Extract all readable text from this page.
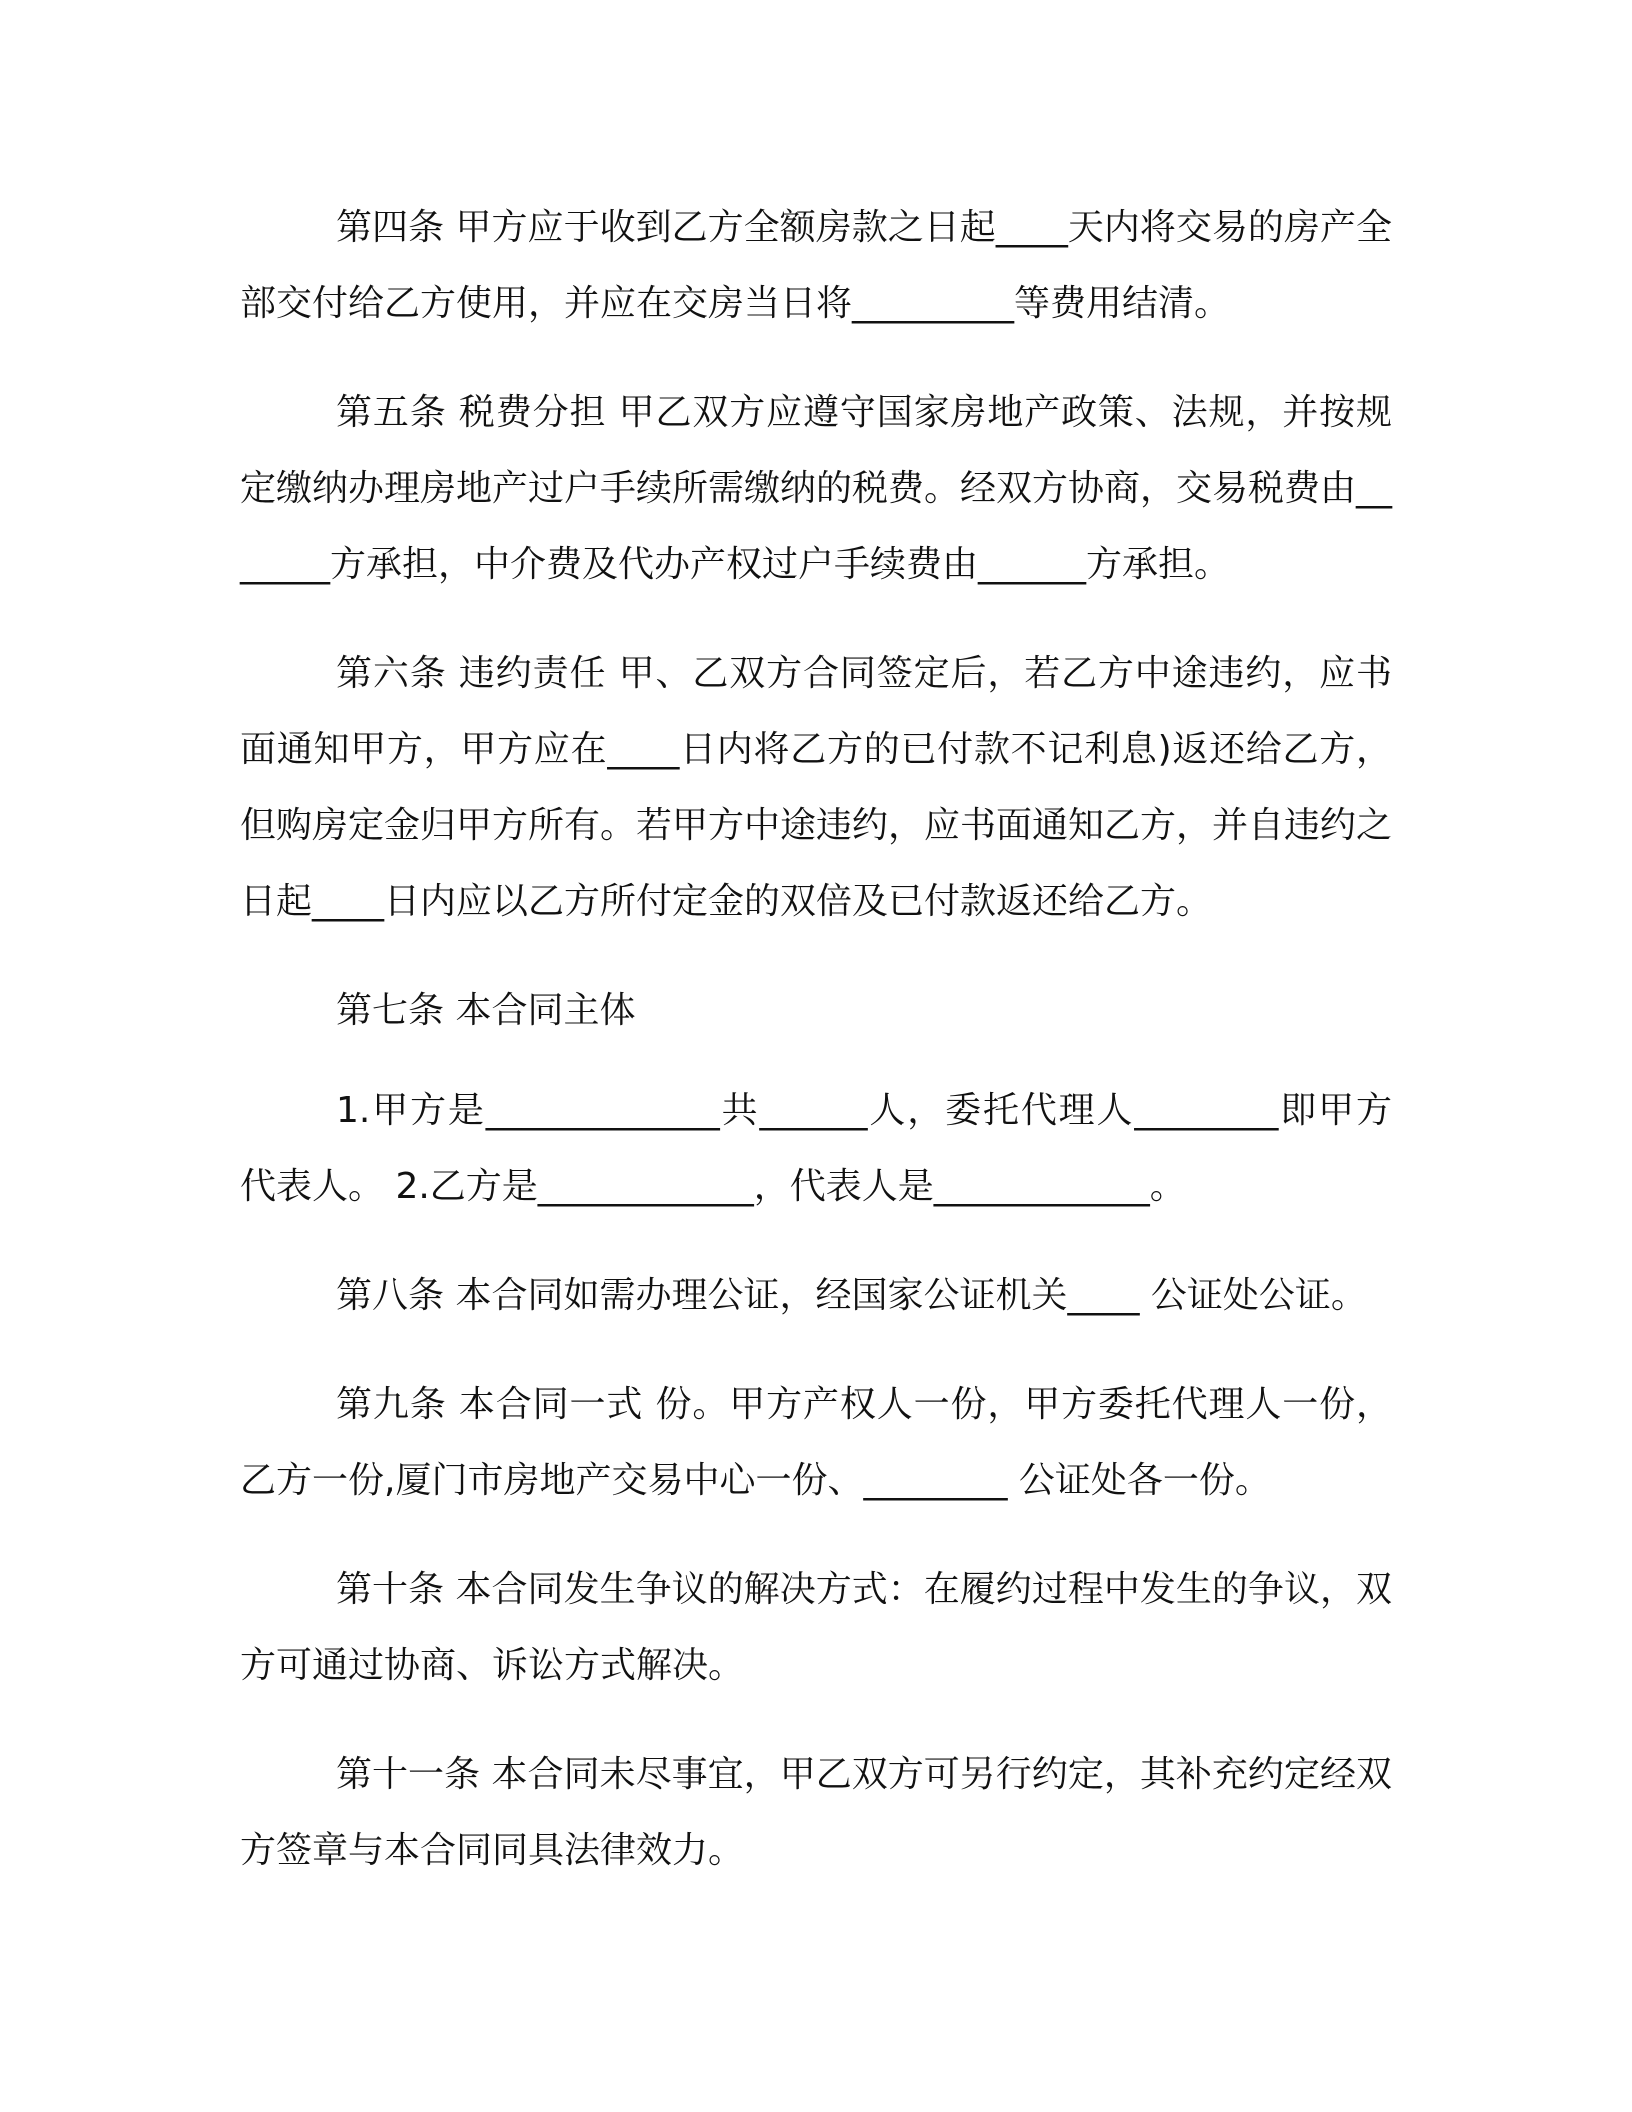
第四条 甲方应于收到乙方全额房款之日起____天内将交易的房产全部交付给乙方使用，并应在交房当日将_________等费用结清。

第五条 税费分担 甲乙双方应遵守国家房地产政策、法规，并按规定缴纳办理房地产过户手续所需缴纳的税费。经双方协商，交易税费由_______方承担，中介费及代办产权过户手续费由______方承担。

第六条 违约责任 甲、乙双方合同签定后，若乙方中途违约，应书面通知甲方，甲方应在____日内将乙方的已付款不记利息)返还给乙方，但购房定金归甲方所有。若甲方中途违约，应书面通知乙方，并自违约之日起____日内应以乙方所付定金的双倍及已付款返还给乙方。

第七条 本合同主体

1.甲方是_____________共______人，委托代理人________即甲方代表人。 2.乙方是____________，代表人是____________。

第八条 本合同如需办理公证，经国家公证机关____ 公证处公证。

第九条 本合同一式 份。甲方产权人一份，甲方委托代理人一份，乙方一份,厦门市房地产交易中心一份、________ 公证处各一份。

第十条 本合同发生争议的解决方式：在履约过程中发生的争议，双方可通过协商、诉讼方式解决。

第十一条 本合同未尽事宜，甲乙双方可另行约定，其补充约定经双方签章与本合同同具法律效力。
